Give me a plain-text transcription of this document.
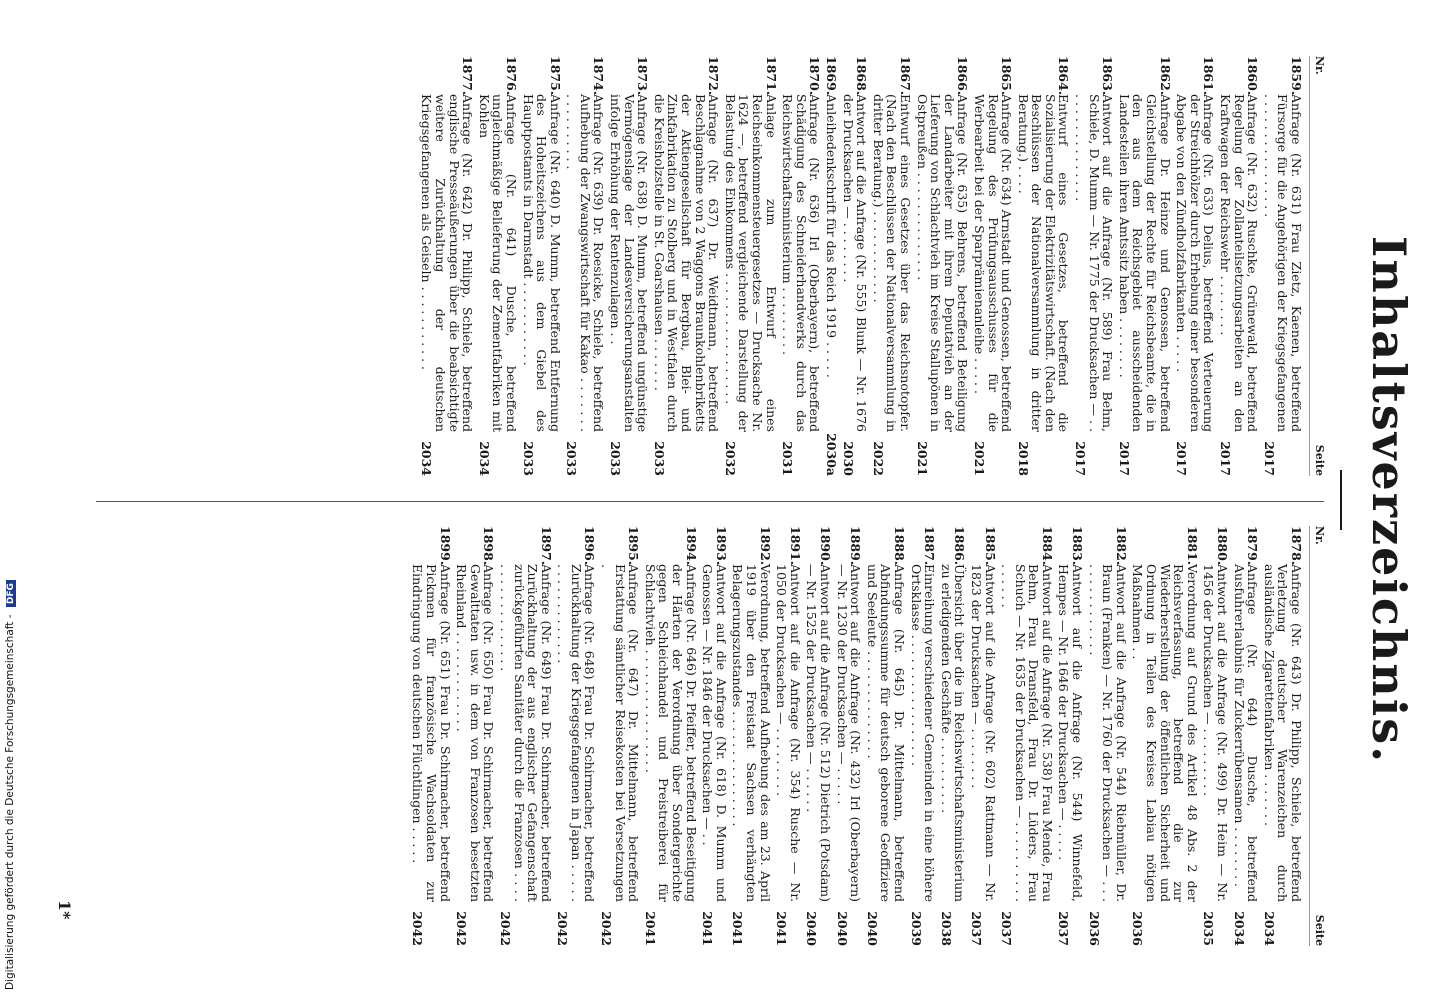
Inhaltsverzeichnis.
Nr.
Seite
1859.
Anfrage (Nr. 631) Frau Zietz, Kaenen, betreffend Fürsorge für die Angehörigen der Kriegsgefangenen . . . . . . . . . . . . . . . .
2017
1860.
Anfrage (Nr. 632) Ruschke, Grünewald, betreffend Regelung der Zollanteilsetzungsarbeiten an den Kraftwagen der Reichswehr . . . . . . . .
2017
1861.
Anfrage (Nr. 633) Delius, betreffend Verteuerung der Streichhölzer durch Erhebung einer besonderen Abgabe von den Zündholzfabrikanten . . . . .
2017
1862.
Anfrage Dr. Heinze und Genossen, betreffend Gleichstellung der Rechte für Reichsbeamte, die in den aus dem Reichsgebiet ausscheidenden Landesteilen ihren Amtssitz haben . . . . . . . .
2017
1863.
Antwort auf die Anfrage (Nr. 589) Frau Behm, Schiele, D. Mumm — Nr. 1775 der Drucksachen — . . . . . . . . . . . . . . . .
2017
1864.
Entwurf eines Gesetzes, betreffend die Sozialisierung der Elektrizitätswirtschaft. (Nach den Beschlüssen der Nationalversammlung in dritter Beratung.) . . . .
2018
1865.
Anfrage (Nr. 634) Arnstadt und Genossen, betreffend Regelung des Prüfungsausschusses für die Werbearbeit bei der Sparprämienanleihe . . . . .
2021
1866.
Anfrage (Nr. 635) Behrens, betreffend Beteiligung der Landarbeiter mit ihrem Deputatvieh an der Lieferung von Schlachtvieh im Kreise Stallupönen in Ostpreußen . . . . . . . . . . . . . .
2021
1867.
Entwurf eines Gesetzes über das Reichsnotopfer. (Nach den Beschlüssen der Nationalversammlung in dritter Beratung.) . . . . . . . . . . . .
2022
1868.
Antwort auf die Anfrage (Nr. 555) Blunk — Nr. 1676 der Drucksachen — . . . . . . . .
2030
1869.
Anleihedenkschrift für das Reich 1919 . . . . .
2030a
1870.
Anfrage (Nr. 636) Irl (Oberbayern), betreffend Schädigung des Schneiderhandwerks durch das Reichswirtschaftsministerium . . . . . . . . .
2031
1871.
Anlage zum Entwurf eines Reichseinkommensteuergesetzes — Drucksache Nr. 1624 —, betreffend vergleichende Darstellung der Belastung des Einkommens . . . . . . . . . . . . . . . . .
2032
1872.
Anfrage (Nr. 637) Dr. Weidtmann, betreffend Beschlagnahme von 2 Waggons Braunkohlenbriketts der Aktiengesellschaft für Bergbau, Blei- und Zinkfabrikation zu Stolberg und in Westfalen durch die Kreisholzstelle in St. Goarshausen . . . . . . .
2033
1873.
Anfrage (Nr. 638) D. Mumm, betreffend ungünstige Vermögenslage der Landesversicherungsanstalten infolge Erhöhung der Rentenzulagen . .
2033
1874.
Anfrage (Nr. 639) Dr. Roesicke, Schiele, betreffend Aufhebung der Zwangswirtschaft für Kakao . . . . . . . . . . . . . . . . .
2033
1875.
Anfrage (Nr. 640) D. Mumm, betreffend Entfernung des Hoheitszeichens aus dem Giebel des Hauptpostamts in Darmstadt . . . . . . . . . . .
2033
1876.
Anfrage (Nr. 641) Dusche, betreffend ungleichmäßige Belieferung der Zementfabriken mit Kohlen
2034
1877.
Anfrage (Nr. 642) Dr. Philipp, Schiele, betreffend englische Presseäußerungen über die beabsichtigte weitere Zurückhaltung der deutschen Kriegsgefangenen als Geiseln . . . . . . . . . . .
2034
Nr.
Seite
1878.
Anfrage (Nr. 643) Dr. Philipp, Schiele, betreffend Verletzung deutscher Warenzeichen durch ausländische Zigarettenfabriken . . . . . . .
2034
1879.
Anfrage (Nr. 644) Dusche, betreffend Ausfuhrerlaubnis für Zuckerrübensamen . . . . . . . .
2034
1880.
Antwort auf die Anfrage (Nr. 499) Dr. Heim — Nr. 1456 der Drucksachen — . . . . . . . . .
2035
1881.
Verordnung auf Grund des Artikel 48 Abs. 2 der Reichsverfassung, betreffend die zur Wiederherstellung der öffentlichen Sicherheit und Ordnung in Teilen des Kreises Labiau nötigen Maßnahmen . .
2036
1882.
Antwort auf die Anfrage (Nr. 544) Riebmüller, Dr. Braun (Franken) — Nr. 1760 der Drucksachen — . . . . . . . . . . . . . . .
2036
1883.
Antwort auf die Anfrage (Nr. 544) Winnefeld, Hempes — Nr. 1646 der Drucksachen — . . . . .
2037
1884.
Antwort auf die Anfrage (Nr. 538) Frau Mende, Frau Behm, Frau Dransfeld, Frau Dr. Lüders, Frau Schuch — Nr. 1635 der Drucksachen — . . . . . . . . . . . . . . . .
2037
1885.
Antwort auf die Anfrage (Nr. 602) Rattmann — Nr. 1823 der Drucksachen — . . . . . . . .
2037
1886.
Übersicht über die im Reichswirtschaftsministerium zu erledigenden Geschäfte . . . . . . . . . .
2038
1887.
Einreihung verschiedener Gemeinden in eine höhere Ortsklasse . . . . . . . . . . . . . . . . .
2039
1888.
Anfrage (Nr. 645) Dr. Mittelmann, betreffend Abfindungssumme für deutsch geborene Geoffiziere und Seeleute . . . . . . . . . . . . . .
2040
1889.
Antwort auf die Anfrage (Nr. 432) Irl (Oberbayern) — Nr. 1230 der Drucksachen — . . . . .
2040
1890.
Antwort auf die Anfrage (Nr. 512) Dietrich (Potsdam) — Nr. 1525 der Drucksachen — . . . . . .
2040
1891.
Antwort auf die Anfrage (Nr. 354) Rusche — Nr. 1050 der Drucksachen — . . . . . . . . .
2041
1892.
Verordnung, betreffend Aufhebung des am 23. April 1919 über den Freistaat Sachsen verhängten Belagerungszustandes . . . . . . . . . . . . . . .
2041
1893.
Antwort auf die Anfrage (Nr. 618) D. Mumm und Genossen — Nr. 1846 der Drucksachen — . .
2041
1894.
Anfrage (Nr. 646) Dr. Pfeiffer, betreffend Beseitigung der Härten der Verordnung über Sondergerichte gegen Schleichhandel und Preistreiberei für Schlachtvieh . . . . . . . . . . . . . . . .
2041
1895.
Anfrage (Nr. 647) Dr. Mittelmann, betreffend Erstattung sämtlicher Reisekosten bei Versetzungen .
2042
1896.
Anfrage (Nr. 648) Frau Dr. Schirmacher, betreffend Zurückhaltung der Kriegsgefangenen in Japan . . . . . . . . . . . . . . . . . .
2042
1897.
Anfrage (Nr. 649) Frau Dr. Schirmacher, betreffend Zurückhaltung der aus englischer Gefangenschaft zurückgeführten Sanitäter durch die Franzosen . . . . . . . . . . . . . . . . . .
2042
1898.
Anfrage (Nr. 650) Frau Dr. Schirmacher, betreffend Gewalttaten usw. in dem von Franzosen besetzten Rheinland . . . . . . . . . . . . .
2042
1899.
Anfrage (Nr. 651) Frau Dr. Schirmacher, betreffend Pickmen für französische Wachsoldaten zur Eindringung von deutschen Flüchtlingen . . . . .
2042
1*
Digitalisierung gefördert durch die Deutsche Forschungsgemeinschaft - DFG
